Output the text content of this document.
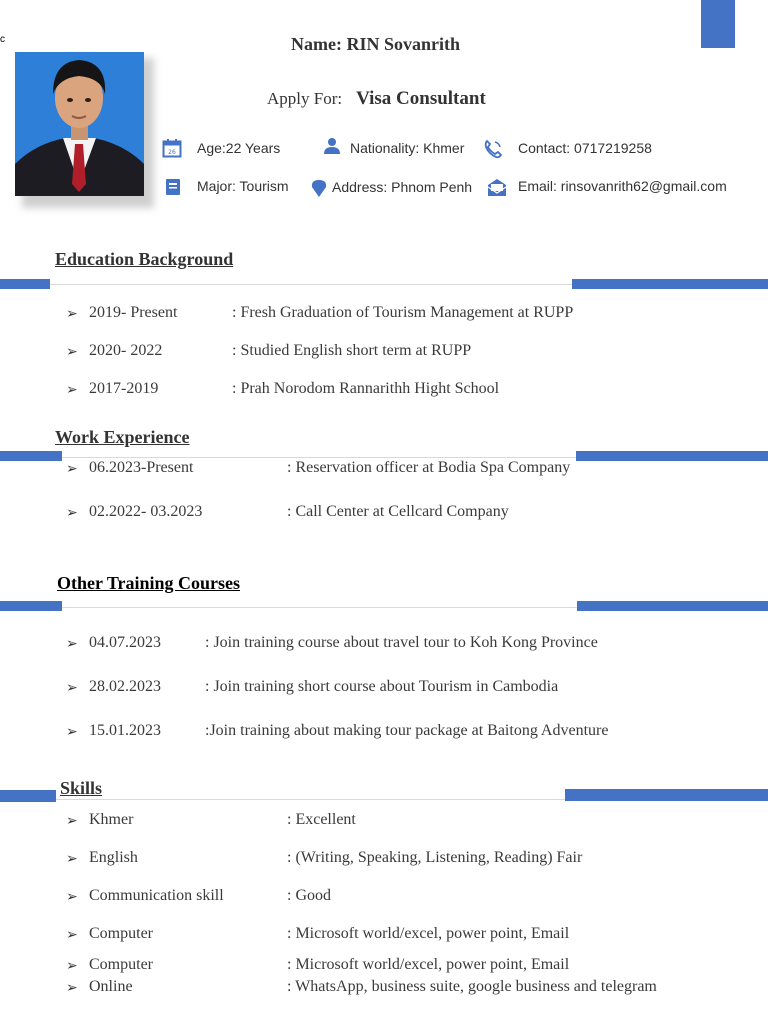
c	Name: RIN Sovanrith
Apply For: Visa Consultant
26 Age:22 Years	Nationality: Khmer	Contact: 0717219258
Major: Tourism	Address: Phnom Penh	Email: rinsovanrith62@gmail.com
Education Background
➢ 2019- Present	: Fresh Graduation of Tourism Management at RUPP
➢ 2020- 2022	: Studied English short term at RUPP
➢ 2017-2019	: Prah Norodom Rannarithh Hight School
Work Experience
➢ 06.2023-Present	: Reservation officer at Bodia Spa Company
➢ 02.2022- 03.2023	: Call Center at Cellcard Company
Other Training Courses
➢ 04.07.2023	: Join training course about travel tour to Koh Kong Province
➢ 28.02.2023	: Join training short course about Tourism in Cambodia
➢ 15.01.2023	:Join training about making tour package at Baitong Adventure
Skills
➢ Khmer	: Excellent
➢ English	: (Writing, Speaking, Listening, Reading) Fair
➢ Communication skill	: Good
➢ Computer	: Microsoft world/excel, power point, Email
➢ Computer	: Microsoft world/excel, power point, Email
➢ Online	: WhatsApp, business suite, google business and telegram
